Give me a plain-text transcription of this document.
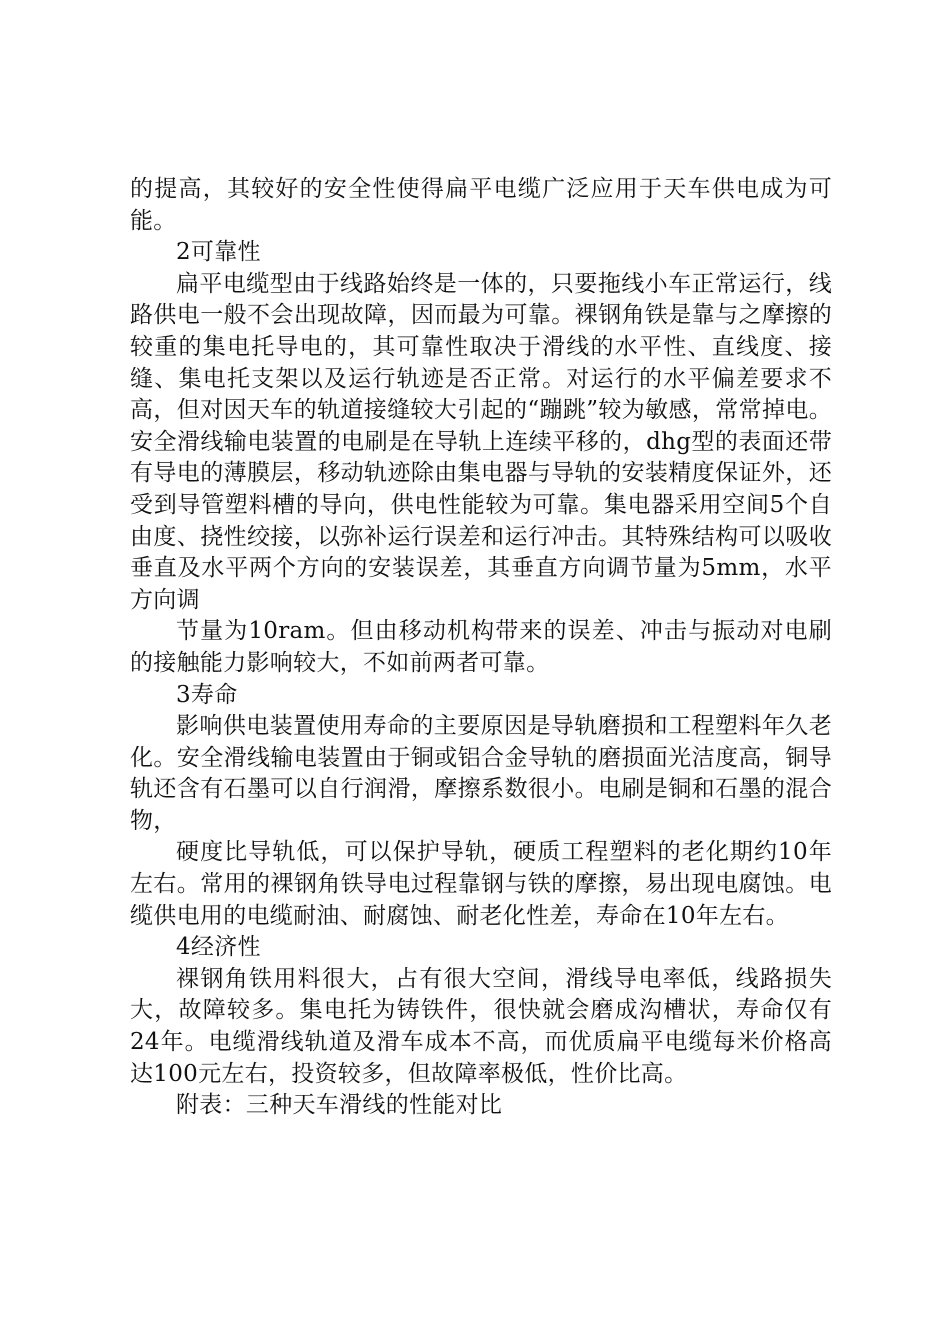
的提高，其较好的安全性使得扁平电缆广泛应用于天车供电成为可能。

2可靠性

扁平电缆型由于线路始终是一体的，只要拖线小车正常运行，线路供电一般不会出现故障，因而最为可靠。裸钢角铁是靠与之摩擦的较重的集电托导电的，其可靠性取决于滑线的水平性、直线度、接缝、集电托支架以及运行轨迹是否正常。对运行的水平偏差要求不高，但对因天车的轨道接缝较大引起的“蹦跳”较为敏感，常常掉电。安全滑线输电装置的电刷是在导轨上连续平移的，dhg型的表面还带有导电的薄膜层，移动轨迹除由集电器与导轨的安装精度保证外，还受到导管塑料槽的导向，供电性能较为可靠。集电器采用空间5个自由度、挠性绞接，以弥补运行误差和运行冲击。其特殊结构可以吸收垂直及水平两个方向的安装误差，其垂直方向调节量为5mm，水平方向调

节量为10ram。但由移动机构带来的误差、冲击与振动对电刷的接触能力影响较大，不如前两者可靠。

3寿命

影响供电装置使用寿命的主要原因是导轨磨损和工程塑料年久老化。安全滑线输电装置由于铜或铝合金导轨的磨损面光洁度高，铜导轨还含有石墨可以自行润滑，摩擦系数很小。电刷是铜和石墨的混合物，

硬度比导轨低，可以保护导轨，硬质工程塑料的老化期约10年左右。常用的裸钢角铁导电过程靠钢与铁的摩擦，易出现电腐蚀。电缆供电用的电缆耐油、耐腐蚀、耐老化性差，寿命在10年左右。

4经济性

裸钢角铁用料很大，占有很大空间，滑线导电率低，线路损失大，故障较多。集电托为铸铁件，很快就会磨成沟槽状，寿命仅有24年。电缆滑线轨道及滑车成本不高，而优质扁平电缆每米价格高达100元左右，投资较多，但故障率极低，性价比高。

附表：三种天车滑线的性能对比
